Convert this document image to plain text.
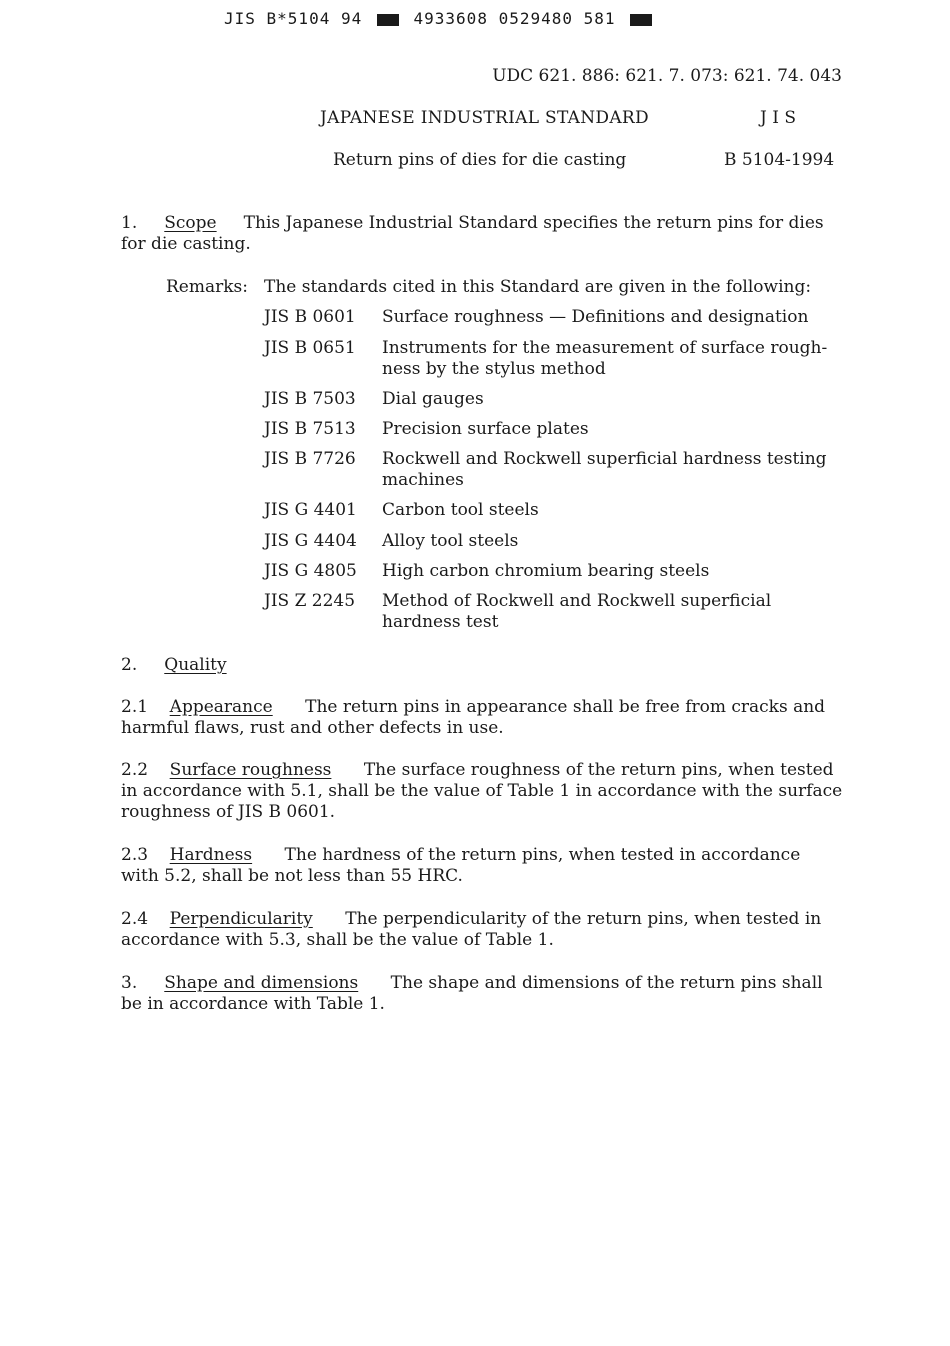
JIS B*5104 94	4933608 0529480 581
UDC 621. 886: 621. 7. 073: 621. 74. 043
JAPANESE INDUSTRIAL STANDARD	J I S
Return pins of dies for die casting	B 5104-1994
1. Scope This Japanese Industrial Standard specifies the return pins for dies for die casting.
Remarks: The standards cited in this Standard are given in the following:
JIS B 0601 Surface roughness — Definitions and designation
JIS B 0651 Instruments for the measurement of surface rough-ness by the stylus method
JIS B 7503 Dial gauges
JIS B 7513 Precision surface plates
JIS B 7726 Rockwell and Rockwell superficial hardness testing machines
JIS G 4401 Carbon tool steels
JIS G 4404 Alloy tool steels
JIS G 4805 High carbon chromium bearing steels
JIS Z 2245 Method of Rockwell and Rockwell superficial hardness test
2. Quality
2.1 Appearance The return pins in appearance shall be free from cracks and harmful flaws, rust and other defects in use.
2.2 Surface roughness The surface roughness of the return pins, when tested in accordance with 5.1, shall be the value of Table 1 in accordance with the surface roughness of JIS B 0601.
2.3 Hardness The hardness of the return pins, when tested in accordance with 5.2, shall be not less than 55 HRC.
2.4 Perpendicularity The perpendicularity of the return pins, when tested in accordance with 5.3, shall be the value of Table 1.
3. Shape and dimensions The shape and dimensions of the return pins shall be in accordance with Table 1.
